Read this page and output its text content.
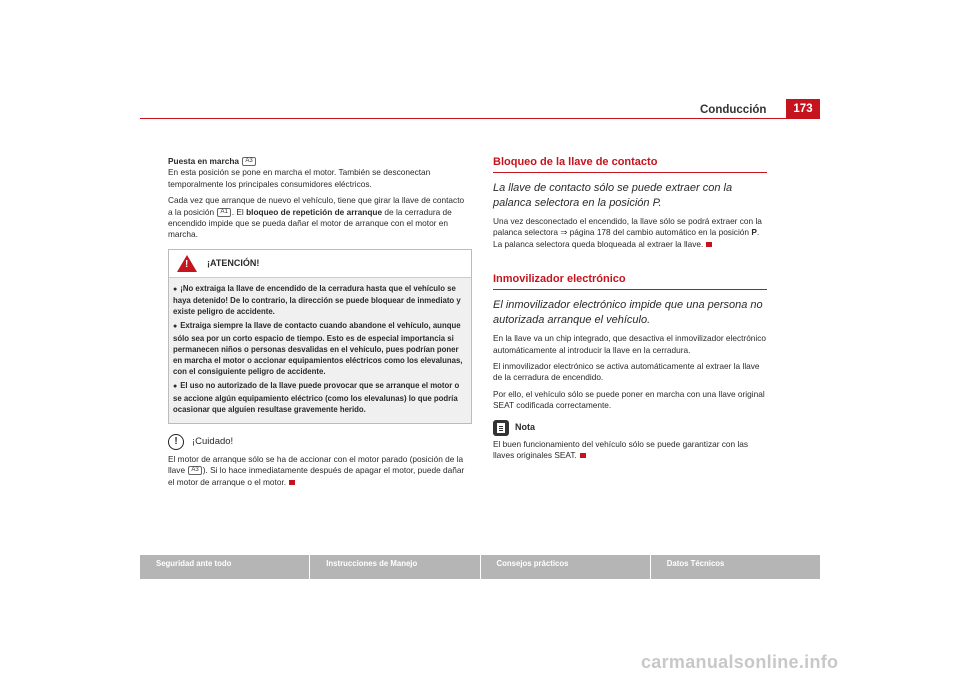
Conducción	173

Puesta en marcha A3
En esta posición se pone en marcha el motor. También se desconectan temporalmente los principales consumidores eléctricos.

Cada vez que arranque de nuevo el vehículo, tiene que girar la llave de contacto a la posición A1 . El bloqueo de repetición de arranque de la cerradura de encendido impide que se pueda dañar el motor de arranque con el motor en marcha.

! ¡ATENCIÓN!
● ¡No extraiga la llave de encendido de la cerradura hasta que el vehículo se haya detenido! De lo contrario, la dirección se puede bloquear de inmediato y existe peligro de accidente.
● Extraiga siempre la llave de contacto cuando abandone el vehículo, aunque sólo sea por un corto espacio de tiempo. Esto es de especial importancia si permanecen niños o personas desvalidas en el vehículo, pues podrían poner en marcha el motor o accionar equipamientos eléctricos como los elevalunas, con el consiguiente peligro de accidente.
● El uso no autorizado de la llave puede provocar que se arranque el motor o se accione algún equipamiento eléctrico (como los elevalunas) lo que podría ocasionar que alguien resultase gravemente herido.
!	¡Cuidado!

El motor de arranque sólo se ha de accionar con el motor parado (posición de la llave A3 ). Si lo hace inmediatamente después de apagar el motor, puede dañar el motor de arranque o el motor.

Bloqueo de la llave de contacto
La llave de contacto sólo se puede extraer con la palanca selectora en la posición P.

Una vez desconectado el encendido, la llave sólo se podrá extraer con la palanca selectora ⇒ página 178 del cambio automático en la posición P. La palanca selectora queda bloqueada al extraer la llave.

Inmovilizador electrónico
El inmovilizador electrónico impide que una persona no autorizada arranque el vehículo.

En la llave va un chip integrado, que desactiva el inmovilizador electrónico automáticamente al introducir la llave en la cerradura.

El inmovilizador electrónico se activa automáticamente al extraer la llave de la cerradura de encendido.

Por ello, el vehículo sólo se puede poner en marcha con una llave original SEAT codificada correctamente.

Nota

El buen funcionamiento del vehículo sólo se puede garantizar con las llaves originales SEAT.

Seguridad ante todo	Instrucciones de Manejo	Consejos prácticos	Datos Técnicos
carmanualsonline.info
